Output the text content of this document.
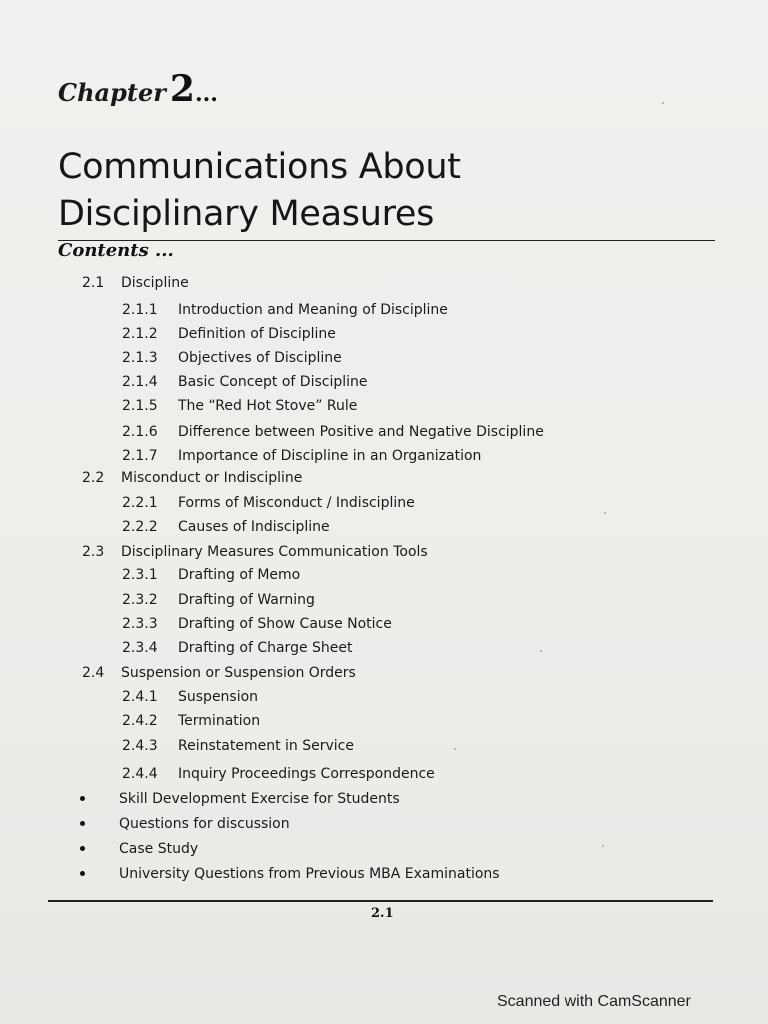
Chapter 2 ...
Communications About
Disciplinary Measures
Contents ...
2.1 Discipline
2.1.1 Introduction and Meaning of Discipline
2.1.2 Definition of Discipline
2.1.3 Objectives of Discipline
2.1.4 Basic Concept of Discipline
2.1.5 The “Red Hot Stove” Rule
2.1.6 Difference between Positive and Negative Discipline
2.1.7 Importance of Discipline in an Organization
2.2 Misconduct or Indiscipline
2.2.1 Forms of Misconduct / Indiscipline
2.2.2 Causes of Indiscipline
2.3 Disciplinary Measures Communication Tools
2.3.1 Drafting of Memo
2.3.2 Drafting of Warning
2.3.3 Drafting of Show Cause Notice
2.3.4 Drafting of Charge Sheet
2.4 Suspension or Suspension Orders
2.4.1 Suspension
2.4.2 Termination
2.4.3 Reinstatement in Service
2.4.4 Inquiry Proceedings Correspondence
Skill Development Exercise for Students
Questions for discussion
Case Study
University Questions from Previous MBA Examinations
2.1
Scanned with CamScanner
